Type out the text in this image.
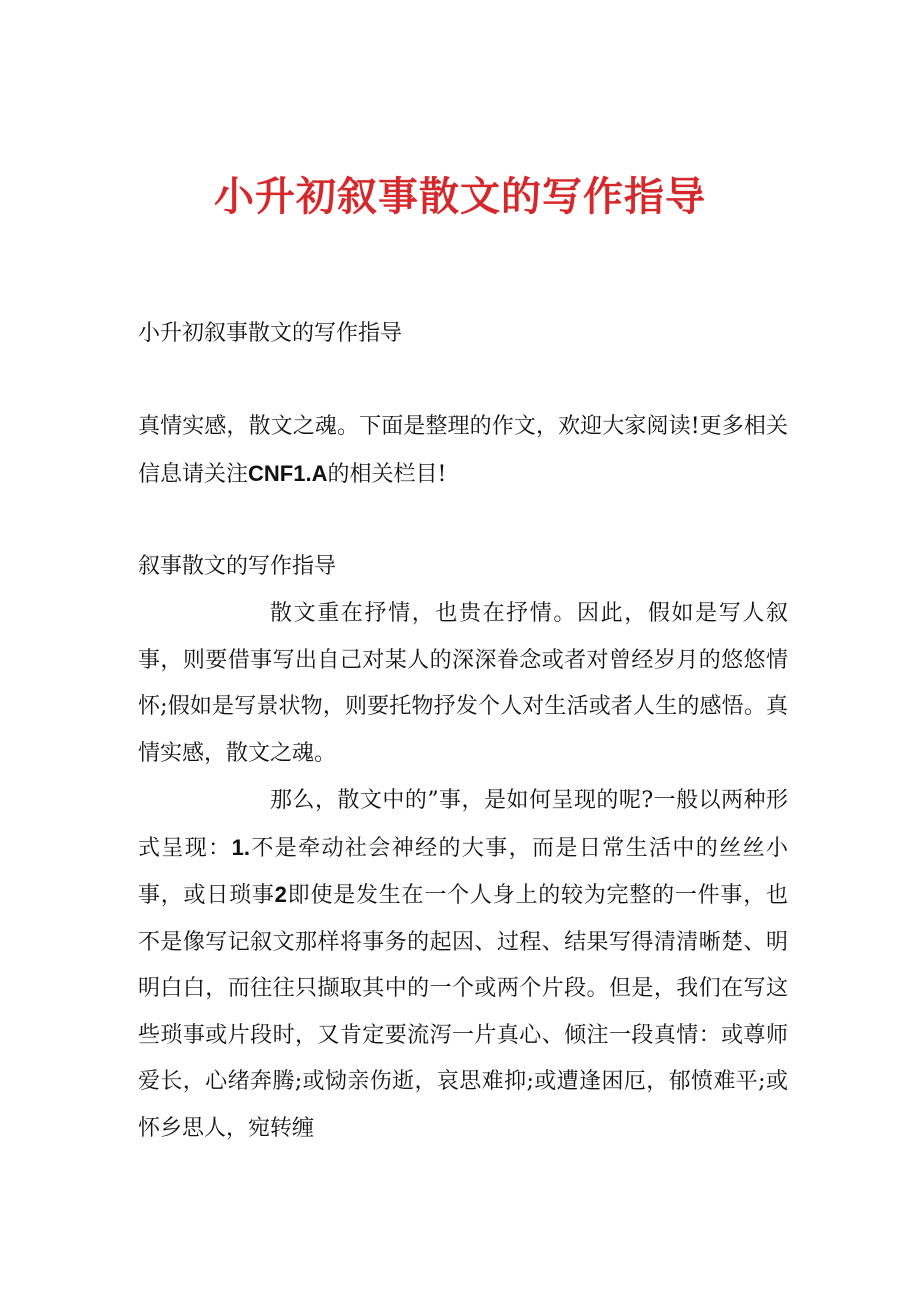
小升初叙事散文的写作指导

小升初叙事散文的写作指导

真情实感，散文之魂。下面是整理的作文，欢迎大家阅读!更多相关信息请关注CNF1.A的相关栏目!

叙事散文的写作指导

散文重在抒情，也贵在抒情。因此，假如是写人叙事，则要借事写出自己对某人的深深眷念或者对曾经岁月的悠悠情怀;假如是写景状物，则要托物抒发个人对生活或者人生的感悟。真情实感，散文之魂。

那么，散文中的”事，是如何呈现的呢?一般以两种形式呈现：1.不是牵动社会神经的大事，而是日常生活中的丝丝小事，或日琐事2即使是发生在一个人身上的较为完整的一件事，也不是像写记叙文那样将事务的起因、过程、结果写得清清晰楚、明明白白，而往往只撷取其中的一个或两个片段。但是，我们在写这些琐事或片段时，又肯定要流泻一片真心、倾注一段真情：或尊师爱长，心绪奔腾;或恸亲伤逝，哀思难抑;或遭逢困厄，郁愤难平;或怀乡思人，宛转缠
